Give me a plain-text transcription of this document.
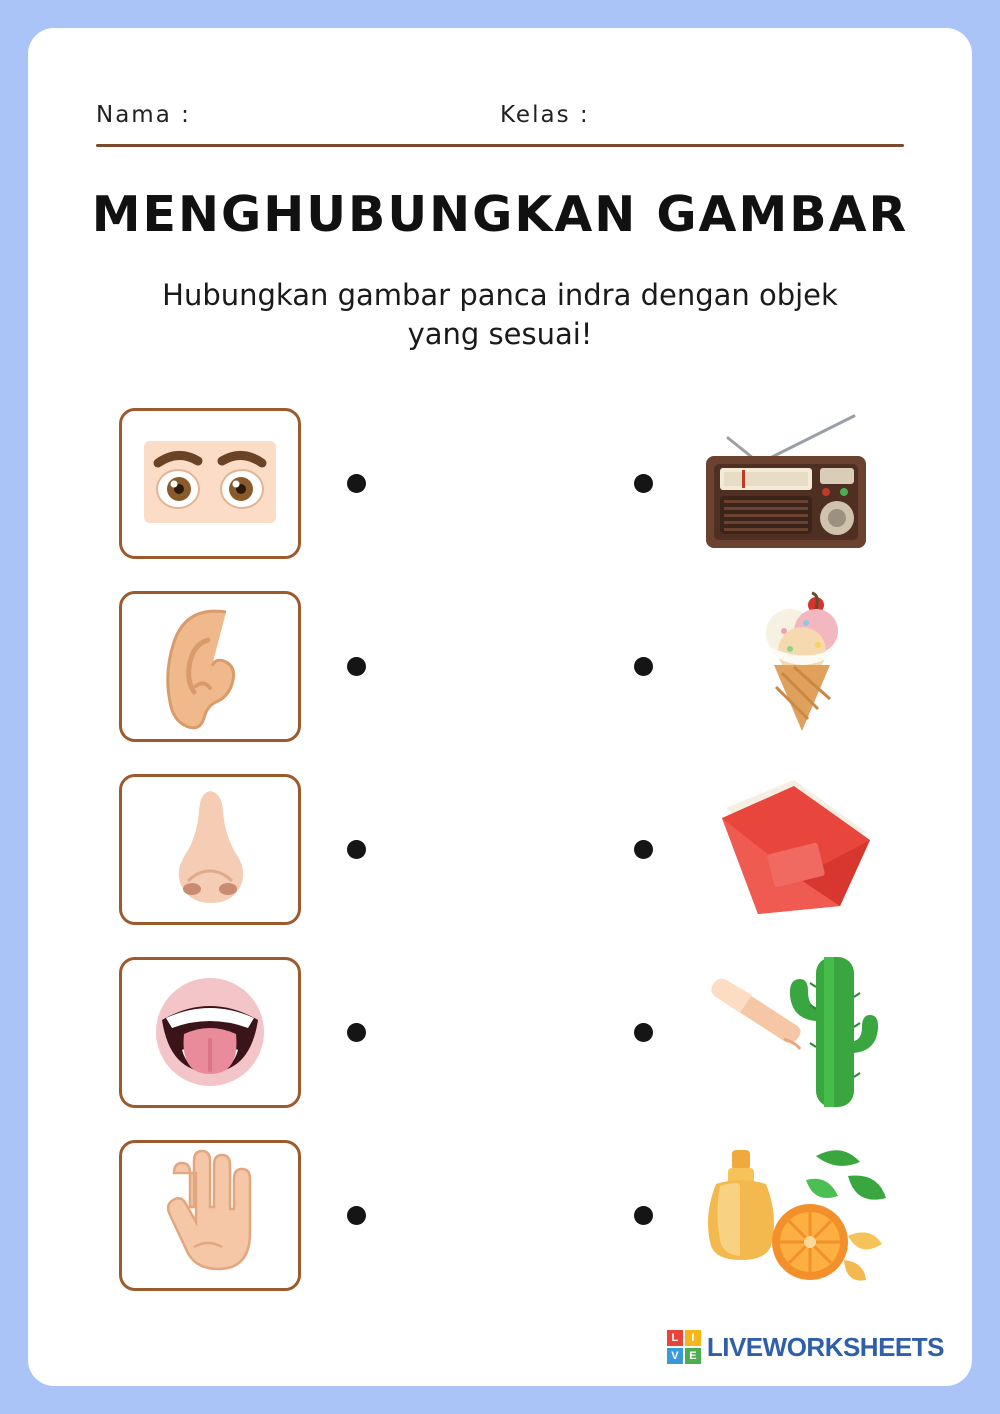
Nama :	Kelas :
MENGHUBUNGKAN GAMBAR
Hubungkan gambar panca indra dengan objek yang sesuai!
L	I
V E LIVEWORKSHEETS
